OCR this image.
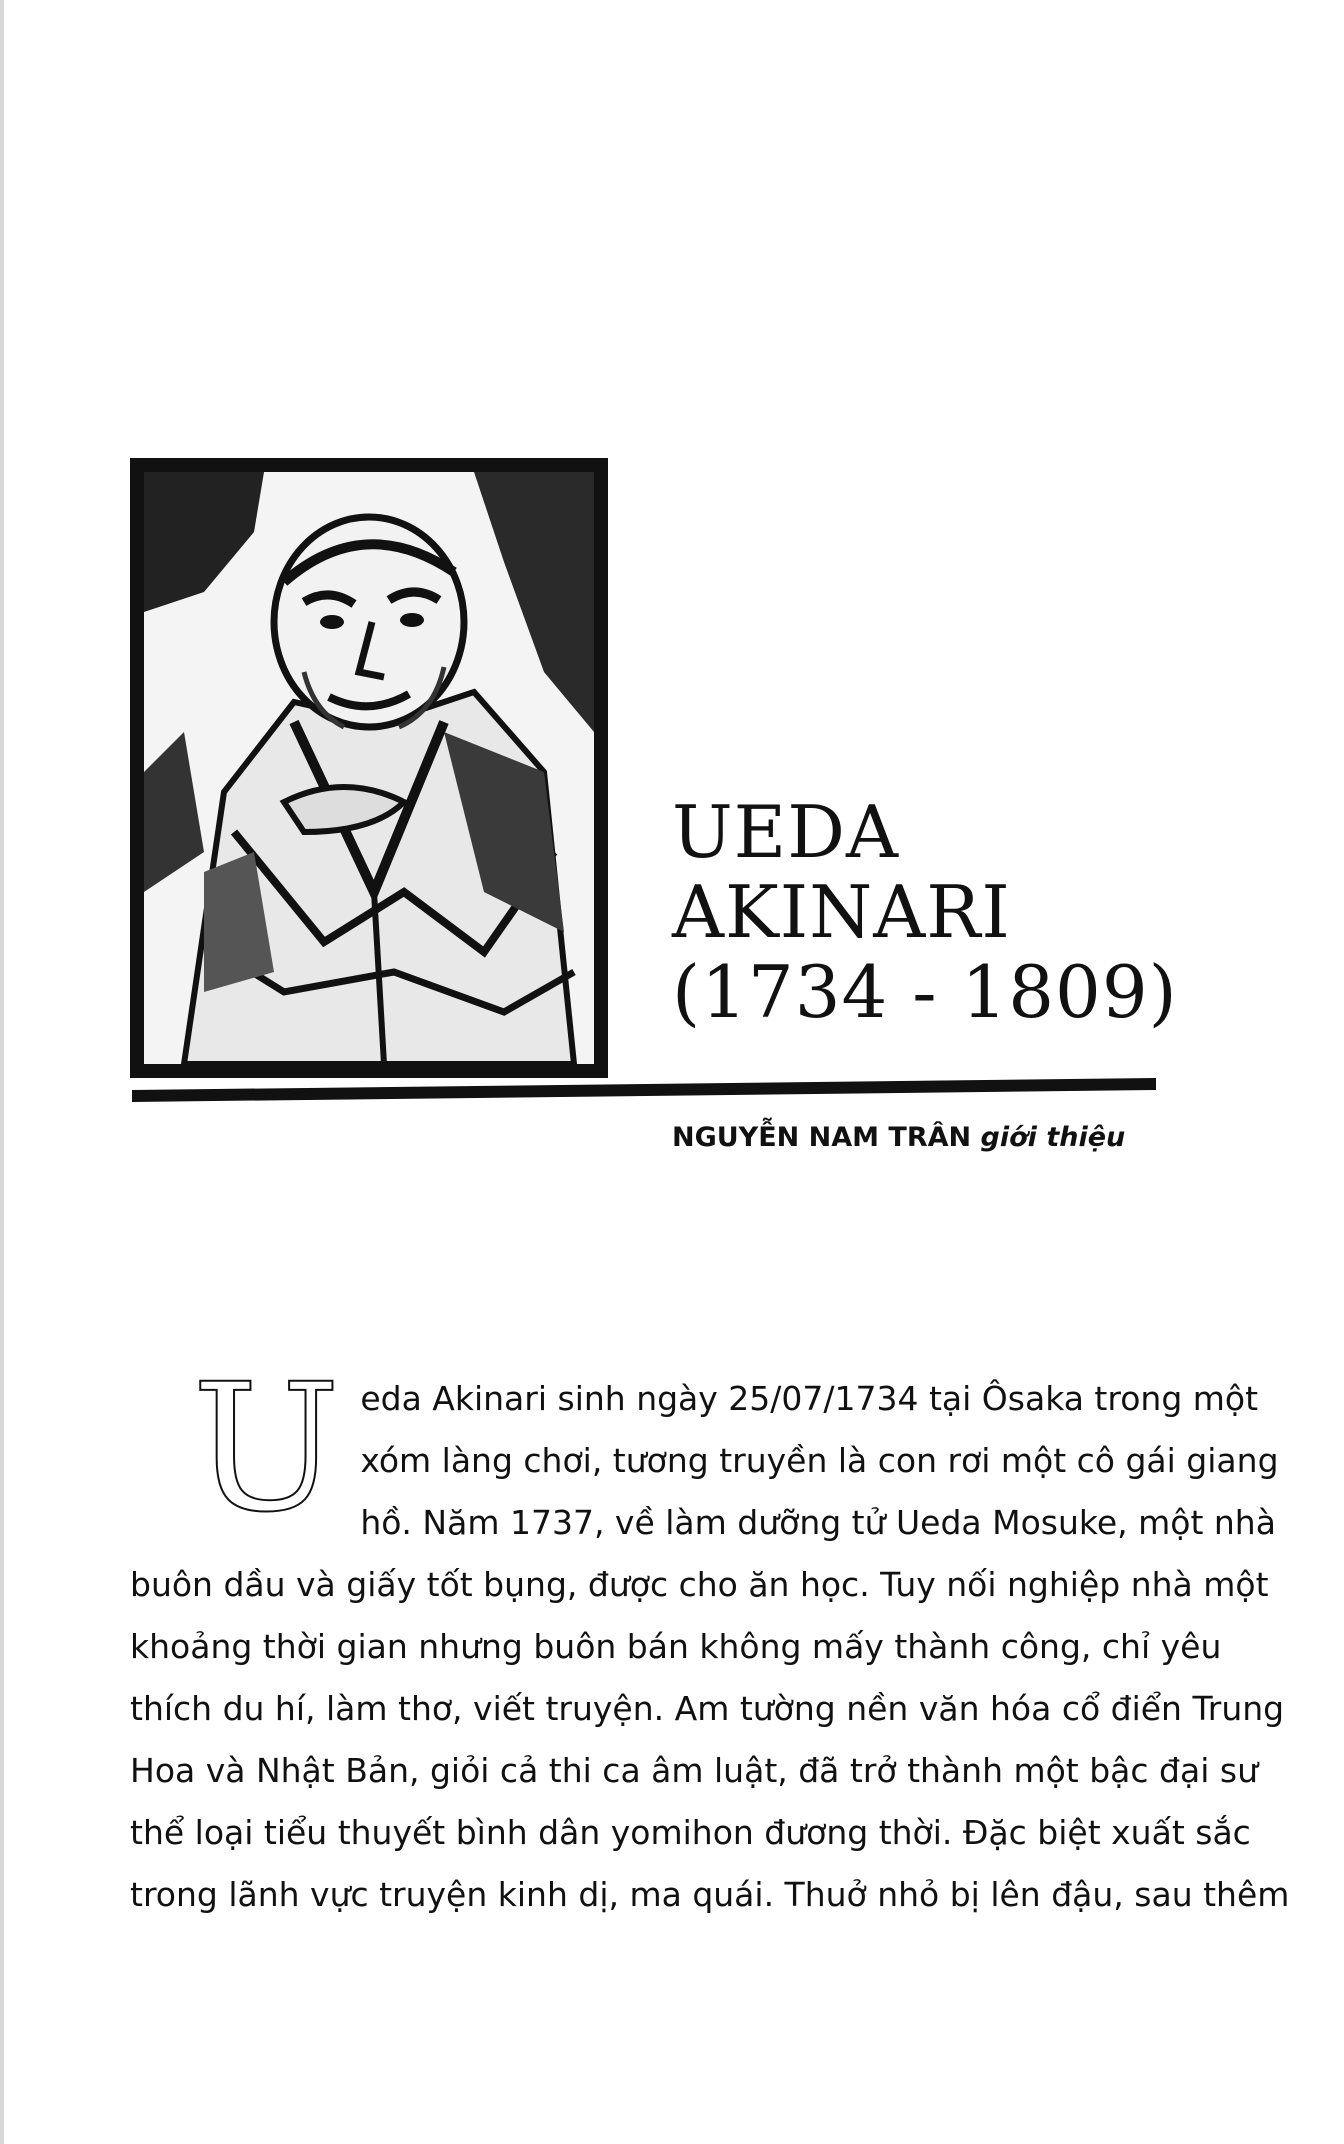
UEDA
AKINARI
(1734 - 1809)
NGUYỄN NAM TRÂN giới thiệu
U eda Akinari sinh ngày 25/07/1734 tại Ôsaka trong một
xóm làng chơi, tương truyền là con rơi một cô gái giang
hồ. Năm 1737, về làm dưỡng tử Ueda Mosuke, một nhà
buôn dầu và giấy tốt bụng, được cho ăn học. Tuy nối nghiệp nhà một
khoảng thời gian nhưng buôn bán không mấy thành công, chỉ yêu
thích du hí, làm thơ, viết truyện. Am tường nền văn hóa cổ điển Trung
Hoa và Nhật Bản, giỏi cả thi ca âm luật, đã trở thành một bậc đại sư
thể loại tiểu thuyết bình dân yomihon đương thời. Đặc biệt xuất sắc
trong lãnh vực truyện kinh dị, ma quái. Thuở nhỏ bị lên đậu, sau thêm
